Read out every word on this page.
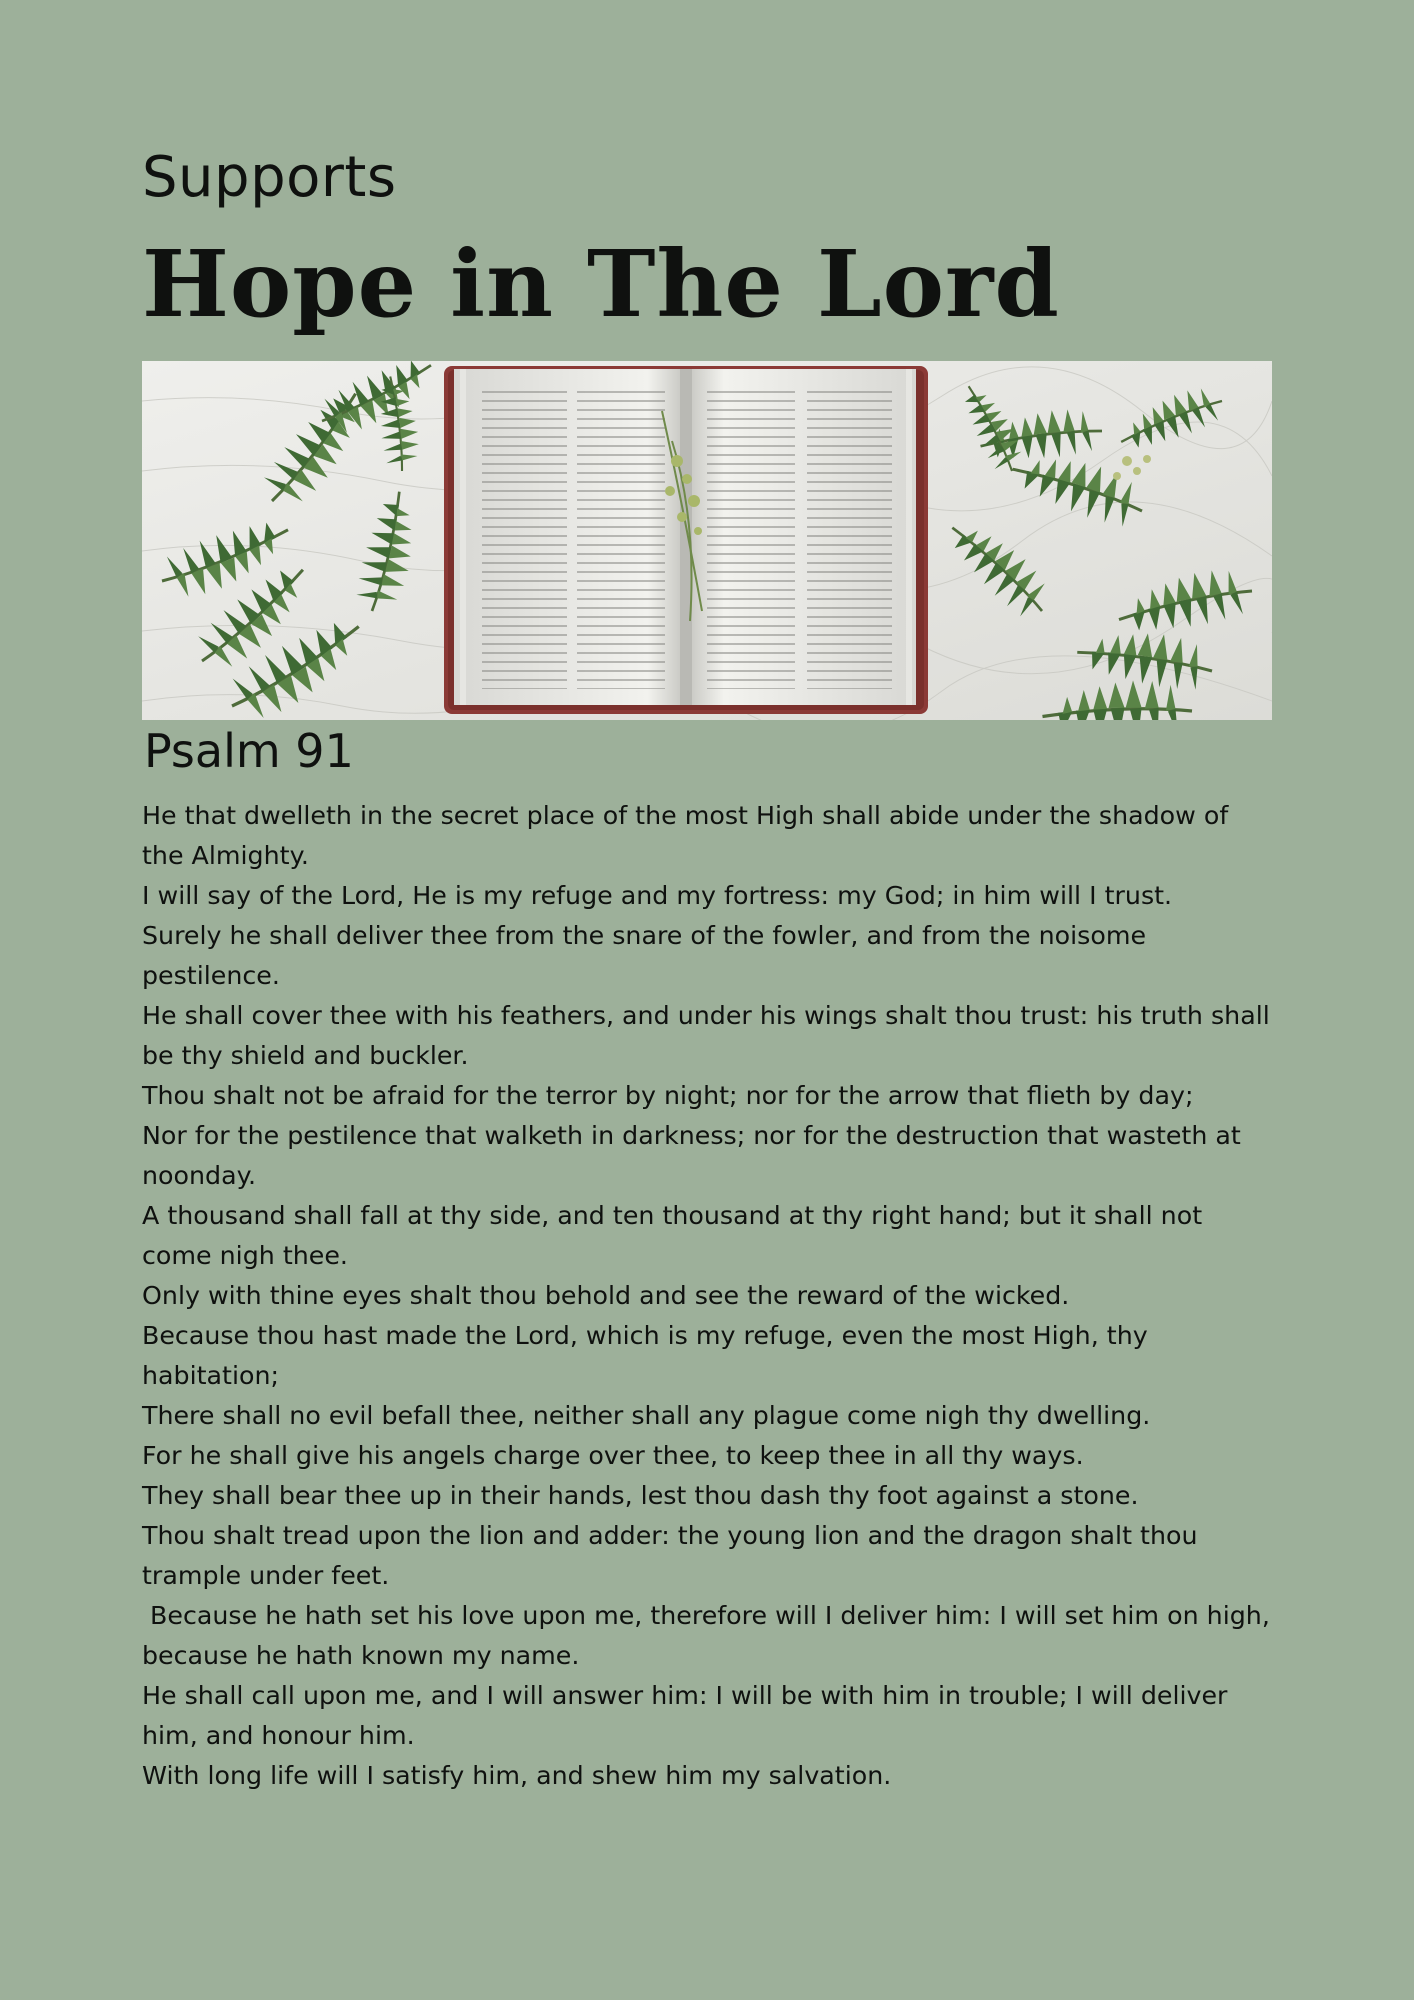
Supports

Hope in The Lord
Psalm 91
He that dwelleth in the secret place of the most High shall abide under the shadow of the Almighty.
I will say of the Lord, He is my refuge and my fortress: my God; in him will I trust.
Surely he shall deliver thee from the snare of the fowler, and from the noisome pestilence.
He shall cover thee with his feathers, and under his wings shalt thou trust: his truth shall be thy shield and buckler.
Thou shalt not be afraid for the terror by night; nor for the arrow that flieth by day;
Nor for the pestilence that walketh in darkness; nor for the destruction that wasteth at noonday.
A thousand shall fall at thy side, and ten thousand at thy right hand; but it shall not come nigh thee.
Only with thine eyes shalt thou behold and see the reward of the wicked.
Because thou hast made the Lord, which is my refuge, even the most High, thy habitation;
There shall no evil befall thee, neither shall any plague come nigh thy dwelling.
For he shall give his angels charge over thee, to keep thee in all thy ways.
They shall bear thee up in their hands, lest thou dash thy foot against a stone.
Thou shalt tread upon the lion and adder: the young lion and the dragon shalt thou trample under feet.
Because he hath set his love upon me, therefore will I deliver him: I will set him on high, because he hath known my name.
He shall call upon me, and I will answer him: I will be with him in trouble; I will deliver him, and honour him.
With long life will I satisfy him, and shew him my salvation.
